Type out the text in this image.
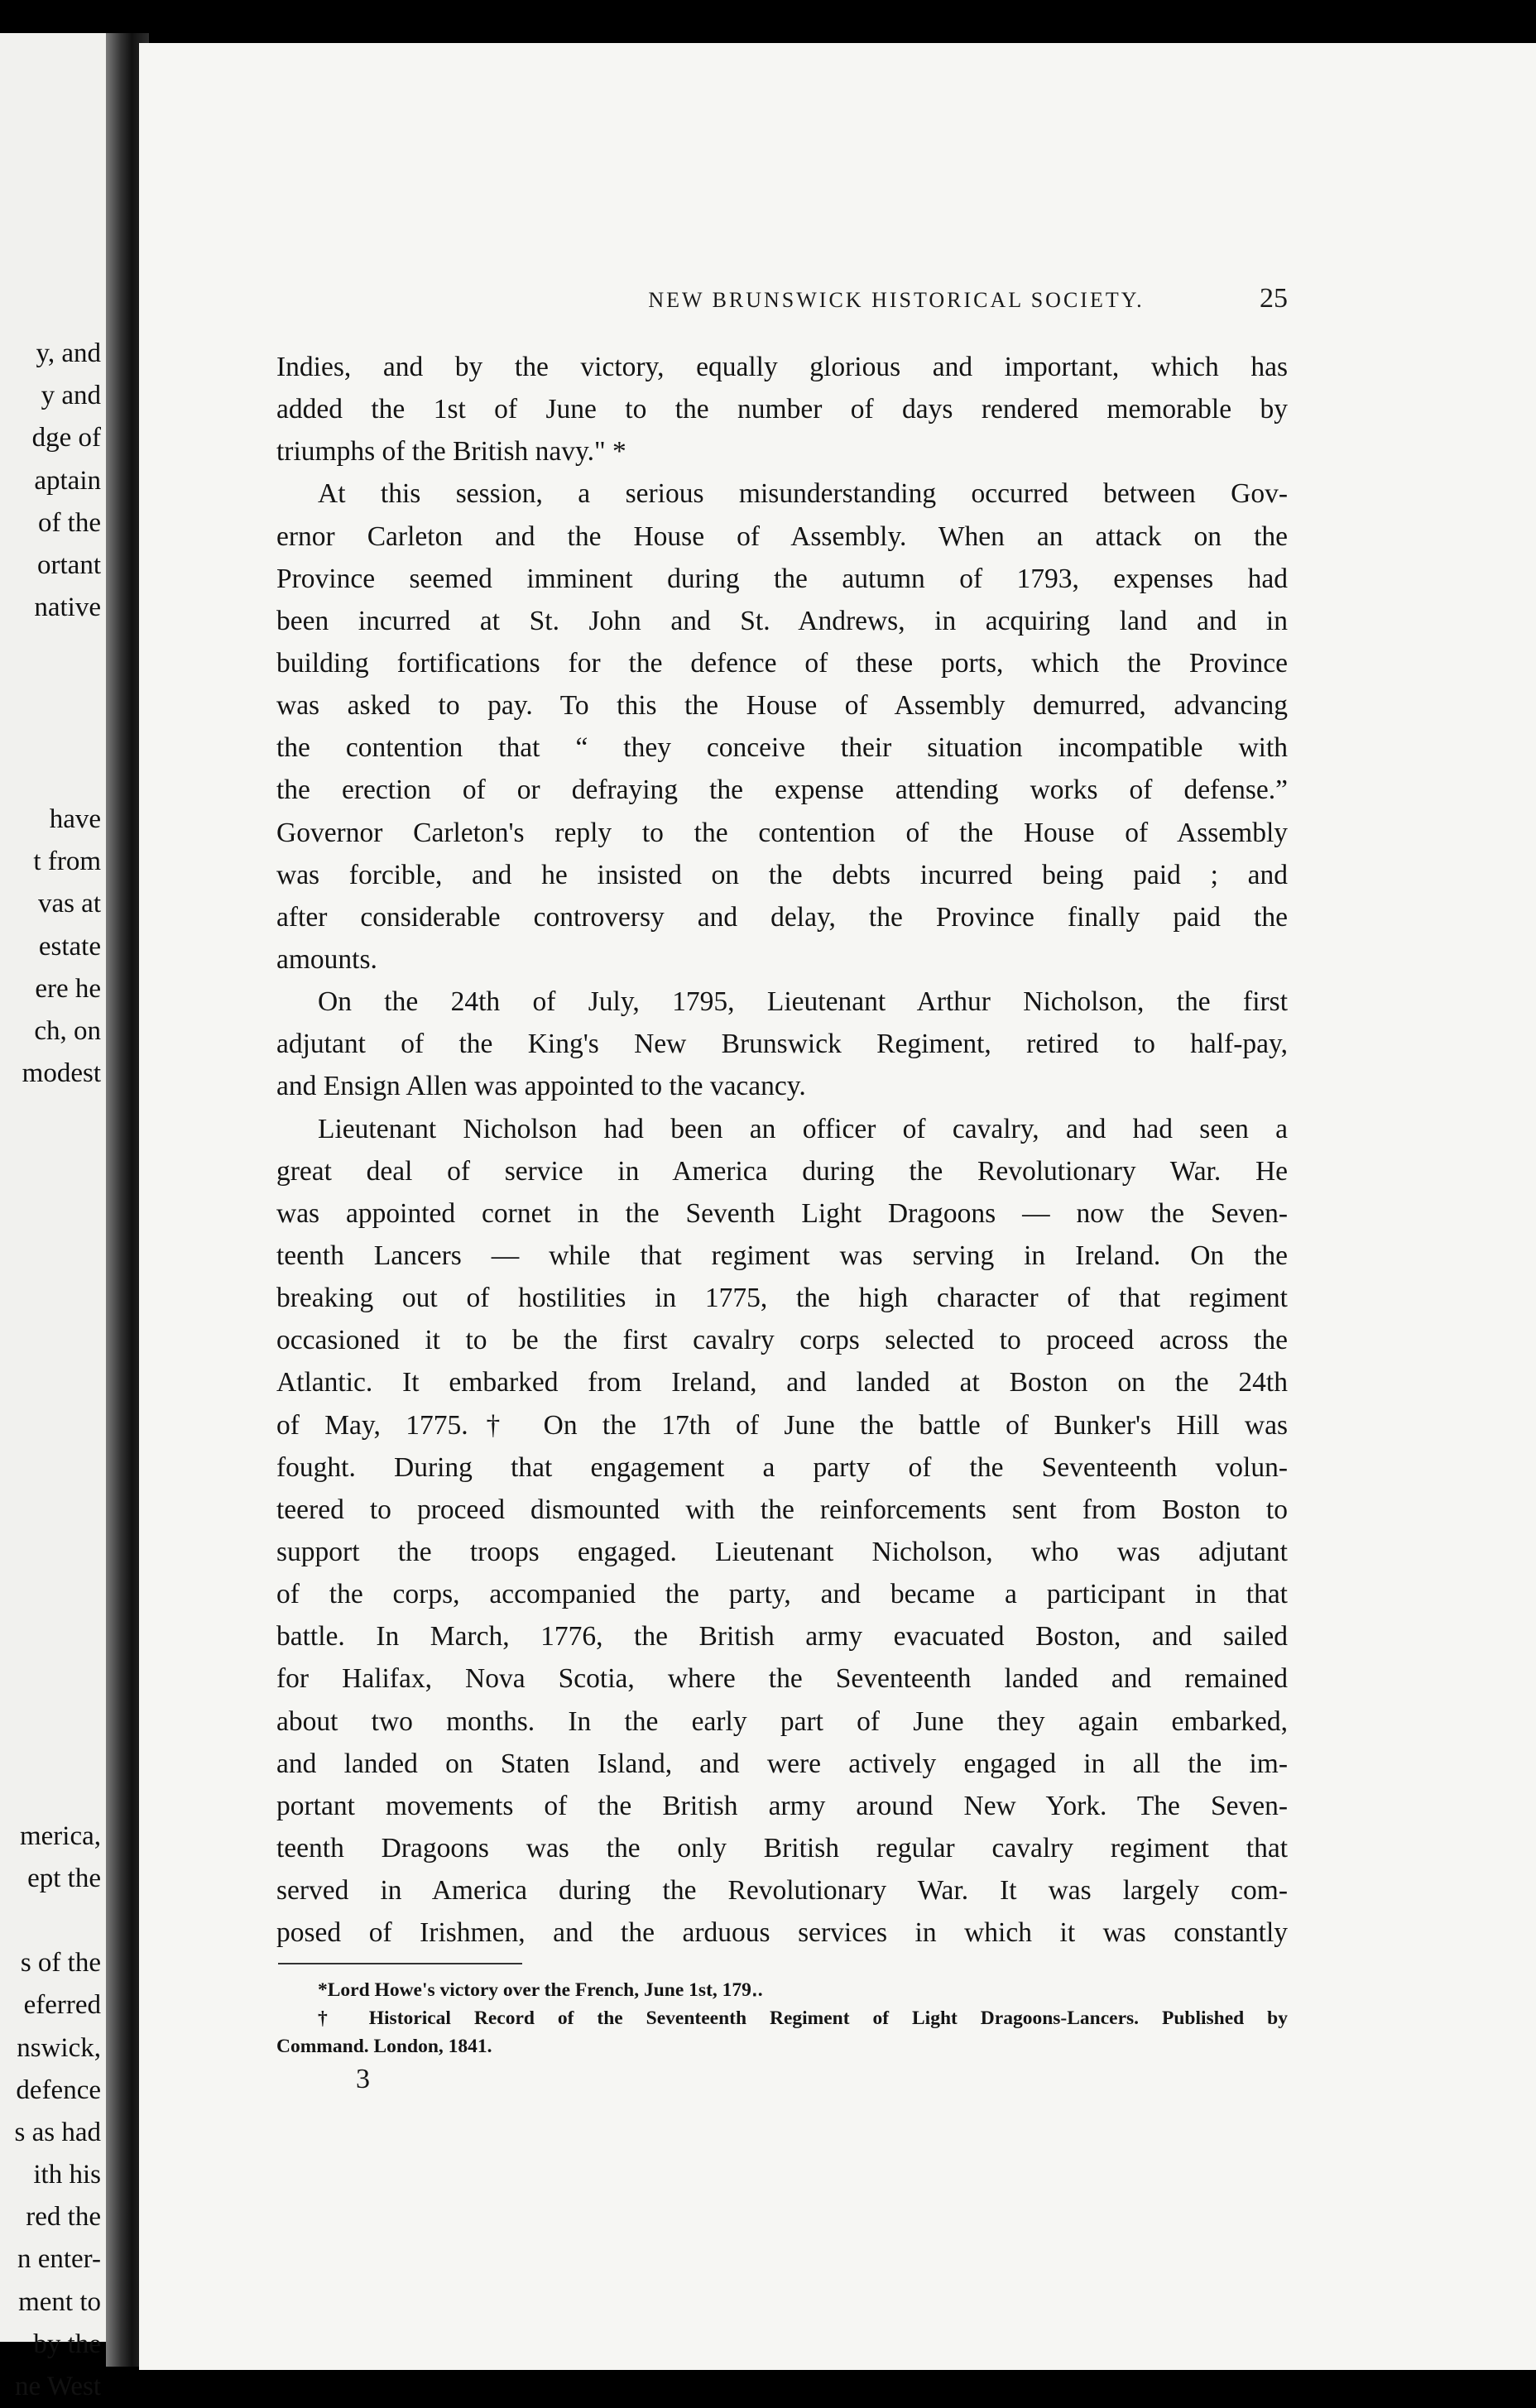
y, and
y and
dge of
aptain
of the
ortant
native
have
t from
vas at
estate
ere he
ch, on
modest
merica,
ept the
s of the
eferred
nswick,
defence
s as had
ith his
red the
n enter-
ment to
by the
ne West
NEW BRUNSWICK HISTORICAL SOCIETY.	25
Indies, and by the victory, equally glorious and important, which has
added the 1st of June to the number of days rendered memorable by
triumphs of the British navy." *
At this session, a serious misunderstanding occurred between Gov-
ernor Carleton and the House of Assembly. When an attack on the
Province seemed imminent during the autumn of 1793, expenses had
been incurred at St. John and St. Andrews, in acquiring land and in
building fortifications for the defence of these ports, which the Province
was asked to pay. To this the House of Assembly demurred, advancing
the contention that “ they conceive their situation incompatible with
the erection of or defraying the expense attending works of defense.”
Governor Carleton's reply to the contention of the House of Assembly
was forcible, and he insisted on the debts incurred being paid ; and
after considerable controversy and delay, the Province finally paid the
amounts.
On the 24th of July, 1795, Lieutenant Arthur Nicholson, the first
adjutant of the King's New Brunswick Regiment, retired to half-pay,
and Ensign Allen was appointed to the vacancy.
Lieutenant Nicholson had been an officer of cavalry, and had seen a
great deal of service in America during the Revolutionary War. He
was appointed cornet in the Seventh Light Dragoons — now the Seven-
teenth Lancers — while that regiment was serving in Ireland. On the
breaking out of hostilities in 1775, the high character of that regiment
occasioned it to be the first cavalry corps selected to proceed across the
Atlantic. It embarked from Ireland, and landed at Boston on the 24th
of May, 1775.† On the 17th of June the battle of Bunker's Hill was
fought. During that engagement a party of the Seventeenth volun-
teered to proceed dismounted with the reinforcements sent from Boston to
support the troops engaged. Lieutenant Nicholson, who was adjutant
of the corps, accompanied the party, and became a participant in that
battle. In March, 1776, the British army evacuated Boston, and sailed
for Halifax, Nova Scotia, where the Seventeenth landed and remained
about two months. In the early part of June they again embarked,
and landed on Staten Island, and were actively engaged in all the im-
portant movements of the British army around New York. The Seven-
teenth Dragoons was the only British regular cavalry regiment that
served in America during the Revolutionary War. It was largely com-
posed of Irishmen, and the arduous services in which it was constantly
*Lord Howe's victory over the French, June 1st, 179․.
† Historical Record of the Seventeenth Regiment of Light Dragoons-Lancers. Published by
Command. London, 1841.
3
